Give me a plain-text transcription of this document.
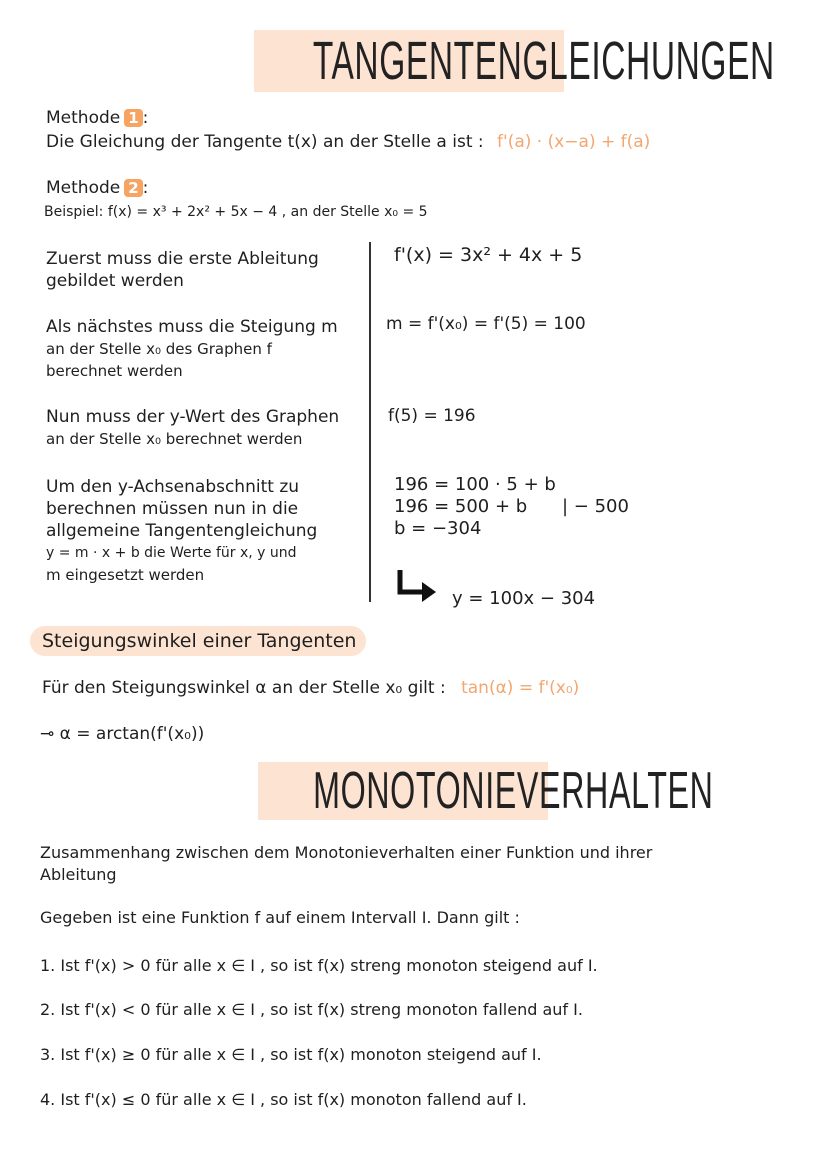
TANGENTENGLEICHUNGEN
Methode 1 :
Die Gleichung der Tangente t(x) an der Stelle a ist : f'(a) · (x−a) + f(a)
Methode 2 :
Beispiel: f(x) = x³ + 2x² + 5x − 4 , an der Stelle x₀ = 5
Zuerst muss die erste Ableitung
gebildet werden
f'(x) = 3x² + 4x + 5
Als nächstes muss die Steigung m
an der Stelle x₀ des Graphen f
berechnet werden
m = f'(x₀) = f'(5) = 100
Nun muss der y-Wert des Graphen
an der Stelle x₀ berechnet werden
f(5) = 196
Um den y-Achsenabschnitt zu
berechnen müssen nun in die
allgemeine Tangentengleichung
y = m · x + b die Werte für x, y und
m eingesetzt werden
196 = 100 · 5 + b
196 = 500 + b
b = −304
| − 500
y = 100x − 304
Steigungswinkel einer Tangenten
Für den Steigungswinkel α an der Stelle x₀ gilt : tan(α) = f'(x₀)
⊸ α = arctan(f'(x₀))
MONOTONIEVERHALTEN
Zusammenhang zwischen dem Monotonieverhalten einer Funktion und ihrer
Ableitung
Gegeben ist eine Funktion f auf einem Intervall I. Dann gilt :
1. Ist f'(x) > 0 für alle x ∈ I , so ist f(x) streng monoton steigend auf I.
2. Ist f'(x) < 0 für alle x ∈ I , so ist f(x) streng monoton fallend auf I.
3. Ist f'(x) ≥ 0 für alle x ∈ I , so ist f(x) monoton steigend auf I.
4. Ist f'(x) ≤ 0 für alle x ∈ I , so ist f(x) monoton fallend auf I.
